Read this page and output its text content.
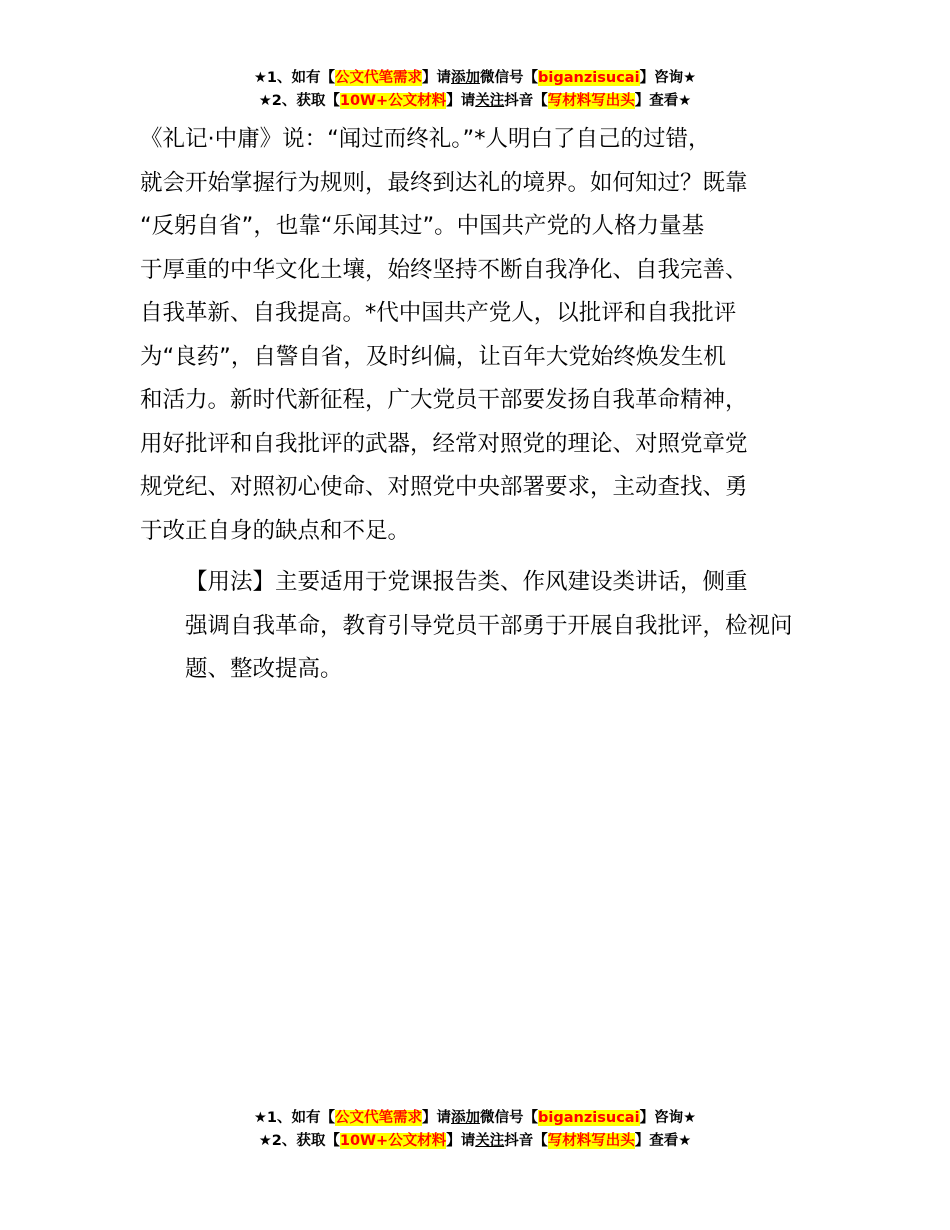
★1、如有【公文代笔需求】请添加微信号【biganzisucai】咨询★
★2、获取【10W+公文材料】请关注抖音【写材料写出头】查看★

《礼记·中庸》说：“闻过而终礼。”*人明白了自己的过错，
就会开始掌握行为规则，最终到达礼的境界。如何知过？既靠
“反躬自省”，也靠“乐闻其过”。中国共产党的人格力量基
于厚重的中华文化土壤，始终坚持不断自我净化、自我完善、
自我革新、自我提高。*代中国共产党人，以批评和自我批评
为“良药”，自警自省，及时纠偏，让百年大党始终焕发生机
和活力。新时代新征程，广大党员干部要发扬自我革命精神，
用好批评和自我批评的武器，经常对照党的理论、对照党章党
规党纪、对照初心使命、对照党中央部署要求，主动查找、勇
于改正自身的缺点和不足。

【用法】主要适用于党课报告类、作风建设类讲话，侧重
强调自我革命，教育引导党员干部勇于开展自我批评，检视问
题、整改提高。

★1、如有【公文代笔需求】请添加微信号【biganzisucai】咨询★
★2、获取【10W+公文材料】请关注抖音【写材料写出头】查看★
